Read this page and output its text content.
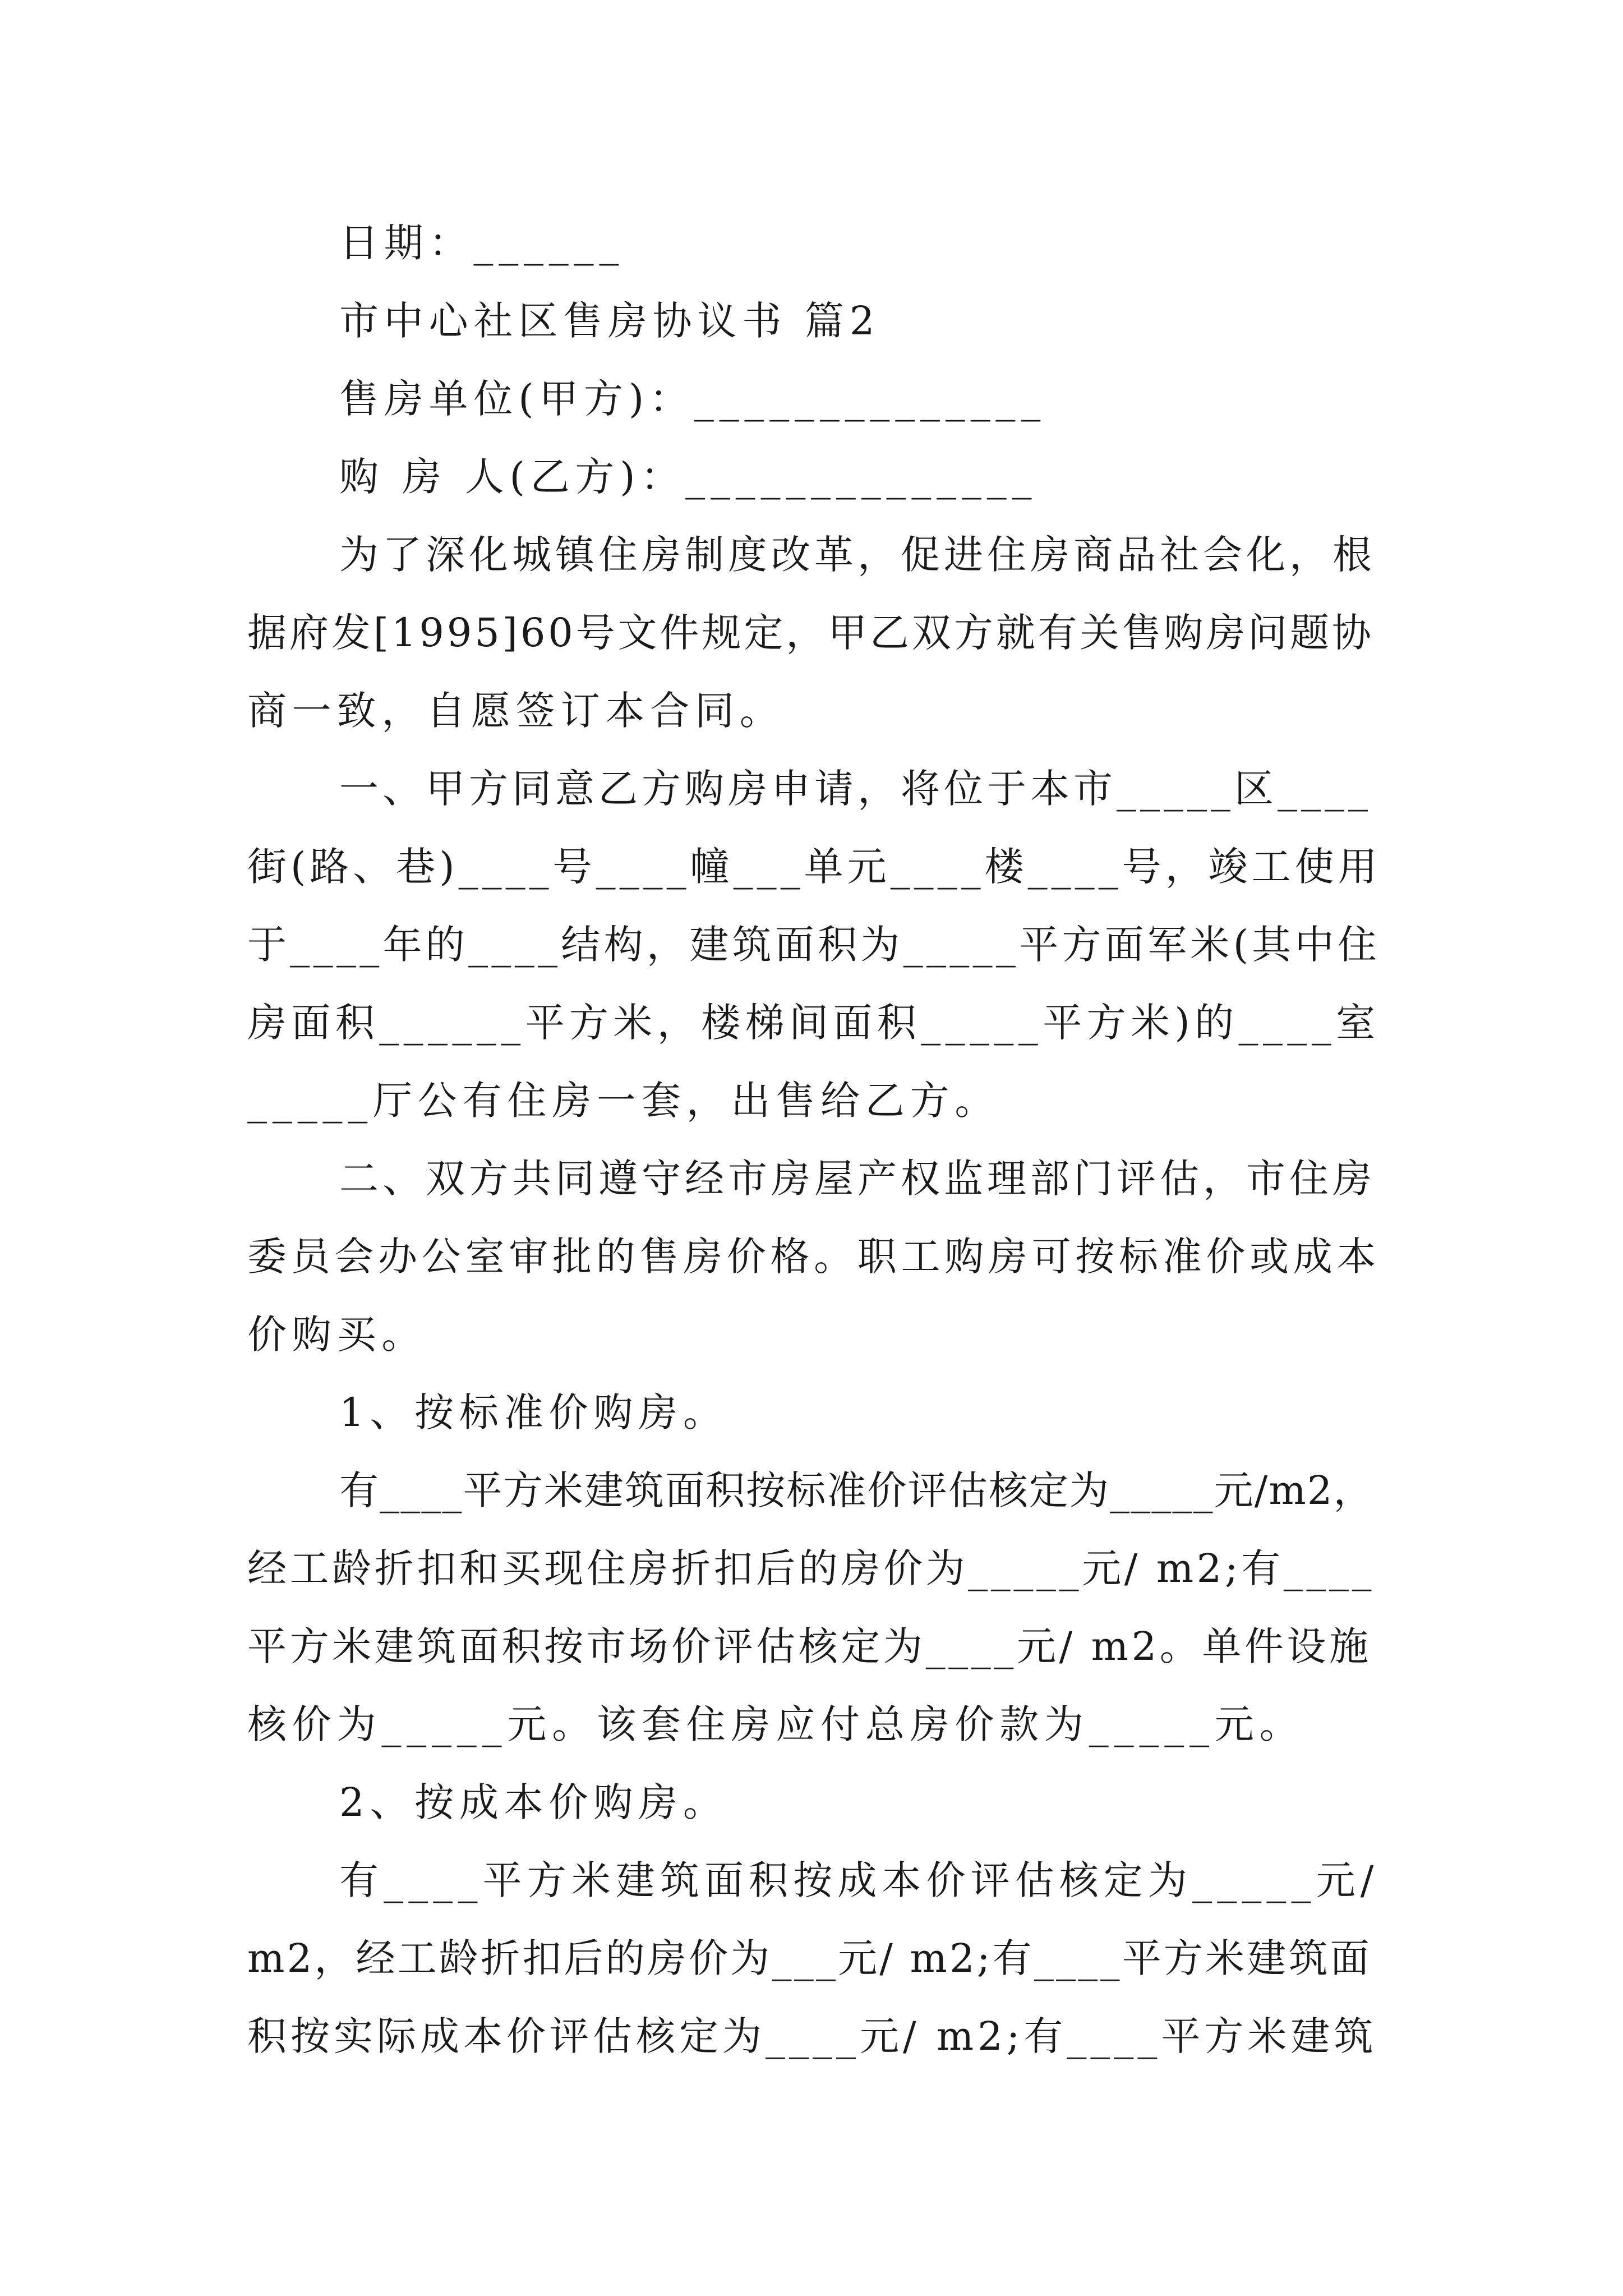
日期：______
市中心社区售房协议书 篇2
售房单位(甲方)：______________
购 房 人(乙方)：______________
为了深化城镇住房制度改革，促进住房商品社会化，根
据府发[1995]60号文件规定，甲乙双方就有关售购房问题协
商一致，自愿签订本合同。
一、甲方同意乙方购房申请，将位于本市_____区____
街(路、巷)____号____幢___单元____楼____号，竣工使用
于____年的____结构，建筑面积为_____平方面军米(其中住
房面积______平方米，楼梯间面积_____平方米)的____室
_____厅公有住房一套，出售给乙方。
二、双方共同遵守经市房屋产权监理部门评估，市住房
委员会办公室审批的售房价格。职工购房可按标准价或成本
价购买。
1、按标准价购房。
有____平方米建筑面积按标准价评估核定为_____元/m2，
经工龄折扣和买现住房折扣后的房价为_____元/ m2;有____
平方米建筑面积按市场价评估核定为____元/ m2。单件设施
核价为_____元。该套住房应付总房价款为_____元。
2、按成本价购房。
有____平方米建筑面积按成本价评估核定为_____元/
m2，经工龄折扣后的房价为___元/ m2;有____平方米建筑面
积按实际成本价评估核定为____元/ m2;有____平方米建筑
